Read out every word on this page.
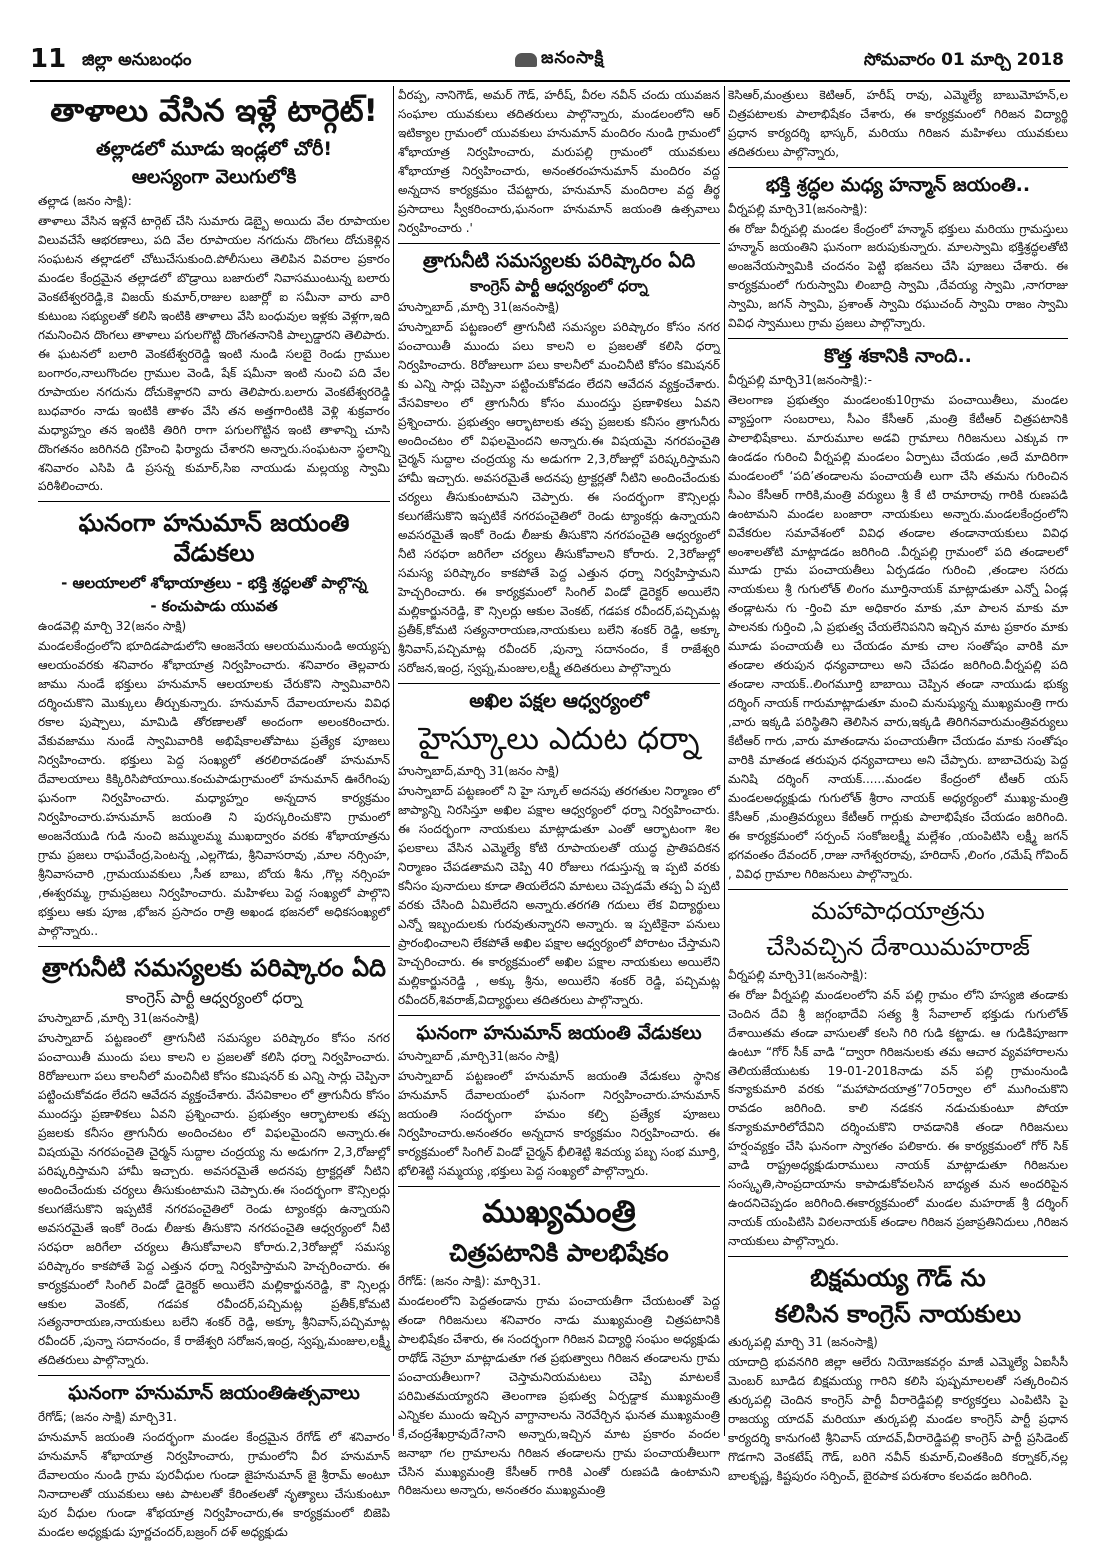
11 జిల్లా అనుబంధం	జనంసాక్షి	సోమవారం 01 మార్చి 2018
తాళాలు వేసిన ఇళ్లే టార్గెట్!
తల్లాడలో మూడు ఇండ్లలో చోరీ!
ఆలస్యంగా వెలుగులోకి
తల్లాడ (జనం సాక్షి):

తాళాలు వేసిన ఇళ్లనే టార్గెట్ చేసి సుమారు డెబ్బై అయిదు వేల రూపాయల విలువచేసే ఆభరణాలు, పది వేల రూపాయల నగదును దొంగలు దోచుకెళ్లిన సంఘటన తల్లాడలో చోటుచేసుకుంది.పోలీసులు తెలిపిన వివరాల ప్రకారం మండల కేంద్రమైన తల్లాడలో బొడ్రాయి బజారులో నివాసముంటున్న బలారు వెంకటేశ్వరరెడ్డి,కె విజయ్ కుమార్,రాజుల బజార్లో ఐ సమీనా వారు వారి కుటుంబ సభ్యులతో కలిసి ఇంటికి తాళాలు వేసి బంధువుల ఇళ్లకు వెళ్లగా,ఇది గమనించిన దొంగలు తాళాలు పగులగొట్టి దొంగతనానికి పాల్పడ్డారని తెలిపారు. ఈ ఘటనలో బలారి వెంకటేశ్వరరెడ్డి ఇంటి నుండి సలబై రెండు గ్రాముల బంగారం,నాలుగొందల గ్రాముల వెండి, షేక్ షమీనా ఇంటి నుంచి పది వేల రూపాయల నగదును దోచుకెళ్లారని వారు తెలిపారు.బలారు వెంకటేశ్వరరెడ్డి బుధవారం నాడు ఇంటికి తాళం వేసి తన అత్తగారింటికి వెళ్లి శుక్రవారం మధ్యాహ్నం తన ఇంటికి తిరిగి రాగా పగులగొట్టిన ఇంటి తాళాన్ని చూసి దొంగతనం జరిగినది గ్రహించి ఫిర్యాదు చేశారని అన్నారు.సంఘటనా స్థలాన్ని శనివారం ఎసిపి డి ప్రసన్న కుమార్,సిఐ నాయుడు మల్లయ్య స్వామి పరిశీలించారు.

ఘనంగా హనుమాన్ జయంతి వేడుకలు
- ఆలయాలలో శోభాయాత్రలు - భక్తి శ్రద్ధలతో పాల్గొన్న
- కంచుపాడు యువత
ఉండవెల్లి మార్చి 32(జనం సాక్షి)

మండలకేంద్రంలోని భూదిడపాడులోని ఆంజనేయ ఆలయమునుండి అయ్యప్ప ఆలయంవరకు శనివారం శోభాయాత్ర నిర్వహించారు. శనివారం తెల్లవారు జాము నుండే భక్తులు హనుమాన్ ఆలయాలకు చేరుకొని స్వామివారిని దర్శించుకొని మొక్కులు తీర్చుకున్నారు. హనుమాన్ దేవాలయాలను వివిధ రకాల పుష్పాలు, మామిడి తోరణాలతో అందంగా అలంకరించారు. వేకువజాము నుండే స్వామివారికి అభిషేకాలతోపాటు ప్రత్యేక పూజలు నిర్వహించారు. భక్తులు పెద్ద సంఖ్యలో తరలిరావడంతో హనుమాన్ దేవాలయాలు కిక్కిరిసిపోయాయి.కంచుపాడుగ్రామంలో హనుమాన్ ఊరేగింపు ఘనంగా నిర్వహించారు. మధ్యాహ్నం అన్నదాన కార్యక్రమం నిర్వహించారు.హనుమాన్ జయంతి ని పురస్కరించుకొని గ్రామంలో అంజనేయుడి గుడి నుంచి జమ్ములమ్మ ముఖద్వారం వరకు శోభాయాత్రను గ్రామ ప్రజలు రాఘవేంద్ర,పెంటన్న ,ఎల్లగౌడు, శ్రీనివాసరావు ,మాల నర్సింహ, శ్రీనివాసచారి ,గ్రామయువకులు ,సీత బాబు, బోయ శీను ,గొల్ల నర్సింహ ,ఈశ్వరమ్మ, గ్రామప్రజలు నిర్వహించారు. మహిళలు పెద్ద సంఖ్యలో పాల్గొని భక్తులు ఆకు పూజ ,భోజన ప్రసాదం రాత్రి అఖండ భజనలో అధికసంఖ్యలో పాల్గొన్నారు..

త్రాగునీటి సమస్యలకు పరిష్కారం ఏది
కాంగ్రెస్ పార్టీ ఆధ్వర్యంలో ధర్నా
హుస్నాబాద్ ,మార్చి 31(జనంసాక్షి)

హుస్నాబాద్ పట్టణంలో త్రాగునీటి సమస్యల పరిష్కారం కోసం నగర పంచాయితీ ముందు పలు కాలని ల ప్రజలతో కలిసి ధర్నా నిర్వహించారు. 8రోజులుగా పలు కాలనీలో మంచినీటి కోసం కమిషనర్ కు ఎన్ని సార్లు చెప్పినా పట్టించుకోవడం లేదని ఆవేదన వ్యక్తంచేశారు. వేసవికాలం లో త్రాగునీరు కోసం ముందస్తు ప్రణాళికలు ఏవని ప్రశ్నించారు. ప్రభుత్వం ఆర్భాటాలకు తప్ప ప్రజలకు కనీసం త్రాగునీరు అందించటం లో విఫలమైందని అన్నారు.ఈ విషయమై నగరపంచైతి చైర్మన్ సుద్దాల చంద్రయ్య ను అడుగగా 2,3,రోజుల్లో పరిష్కరిస్తామని హామీ ఇచ్చారు. అవసరమైతే అదనపు ట్రాక్టర్లతో నీటిని అందించేందుకు చర్యలు తీసుకుంటామని చెప్పారు.ఈ సందర్భంగా కౌన్సిలర్లు కలుగజేసుకొని ఇప్పటికే నగరపంచైతిలో రెండు ట్యాంకర్లు ఉన్నాయని అవసరమైతే ఇంకో రెండు లీజుకు తీసుకొని నగరపంచైతి ఆధ్వర్యంలో నీటి సరఫరా జరిగేలా చర్యలు తీసుకోవాలని కోరారు.2,3రోజుల్లో సమస్య పరిష్కారం కాకపోతే పెద్ద ఎత్తున ధర్నా నిర్వహిస్తామని హెచ్చరించారు. ఈ కార్యక్రమంలో సింగిల్ విండో డైరెక్టర్ అయిలేని మల్లికార్జునరెడ్డి, కౌ న్సిలర్లు ఆకుల వెంకట్, గడపక రవీందర్,పచ్చిమట్ల ప్రతీక్,కోమటి సత్యనారాయణ,నాయకులు బలేని శంకర్ రెడ్డి, అక్కూ శ్రీనివాస్,పచ్చిమాట్ల రవీందర్ ,పున్నా సదానందం, కే రాజేశ్వరి సరోజన,ఇంద్ర, స్వప్న,మంజుల,లక్ష్మీ తదితరులు పాల్గొన్నారు.

ఘనంగా హనుమాన్ జయంతిఉత్సవాలు
రేగోడ్; (జనం సాక్షి) మార్చి31.

హనుమాన్ జయంతి సందర్భంగా మండల కేంద్రమైన రేగోడ్ లో శనివారం హనుమాన్ శోభాయాత్ర నిర్వహించారు, గ్రామంలోని వీర హనుమాన్ దేవాలయం నుండి గ్రామ పురవీధుల గుండా జైహనుమాన్ జై శ్రీరామ్ అంటూ నినాదాలతో యువకులు ఆట పాటలతో కేరింతలతో నృత్యాలు చేసుకుంటూ పుర వీధుల గుండా శోభయాత్ర నిర్వహించారు,ఈ కార్యక్రమంలో బిజెపి మండల అధ్యక్షుడు పూర్ణచందర్,బజ్రంగ్ దళ్ అధ్యక్షుడు

వీరప్ప, నానిగౌడ్, అమర్ గౌడ్, హరీష్, వీరల నవీన్ చందు యువజన సంఘాల యువకులు తదితరులు పాల్గొన్నారు, మండలంలోని ఆర్ ఇటిక్యాల గ్రామంలో యువకులు హనుమాన్ మందిరం నుండి గ్రామంలో శోభాయాత్ర నిర్వహించారు, మరుపల్లి గ్రామంలో యువకులు శోభాయాత్ర నిర్వహించారు, అనంతరంహనుమాన్ మందిరం వద్ద అన్నదాన కార్యక్రమం చేపట్టారు, హనుమాన్ మందిరాల వద్ద తీర్థ ప్రసాదాలు స్వీకరించారు,ఘనంగా హనుమాన్ జయంతి ఉత్సవాలు నిర్వహించారు .'

త్రాగునీటి సమస్యలకు పరిష్కారం ఏది
కాంగ్రెస్ పార్టీ ఆధ్వర్యంలో ధర్నా
హుస్నాబాద్ ,మార్చి 31(జనంసాక్షి)

హుస్నాబాద్ పట్టణంలో త్రాగునీటి సమస్యల పరిష్కారం కోసం నగర పంచాయితీ ముందు పలు కాలని ల ప్రజలతో కలిసి ధర్నా నిర్వహించారు. 8రోజులుగా పలు కాలనీలో మంచినీటి కోసం కమిషనర్ కు ఎన్ని సార్లు చెప్పినా పట్టించుకోవడం లేదని ఆవేదన వ్యక్తంచేశారు. వేసవికాలం లో త్రాగునీరు కోసం ముందస్తు ప్రణాళికలు ఏవని ప్రశ్నించారు. ప్రభుత్వం ఆర్భాటాలకు తప్ప ప్రజలకు కనీసం త్రాగునీరు అందించటం లో విఫలమైందని అన్నారు.ఈ విషయమై నగరపంచైతి చైర్మన్ సుద్దాల చంద్రయ్య ను అడుగగా 2,3,రోజుల్లో పరిష్కరిస్తామని హామీ ఇచ్చారు. అవసరమైతే అదనపు ట్రాక్టర్లతో నీటిని అందించేందుకు చర్యలు తీసుకుంటామని చెప్పారు. ఈ సందర్భంగా కౌన్సిలర్లు కలుగజేసుకొని ఇప్పటికే నగరపంచైతిలో రెండు ట్యాంకర్లు ఉన్నాయని అవసరమైతే ఇంకో రెండు లీజుకు తీసుకొని నగరపంచైతి ఆధ్వర్యంలో నీటి సరఫరా జరిగేలా చర్యలు తీసుకోవాలని కోరారు. 2,3రోజుల్లో సమస్య పరిష్కారం కాకపోతే పెద్ద ఎత్తున ధర్నా నిర్వహిస్తామని హెచ్చరించారు. ఈ కార్యక్రమంలో సింగిల్ విండో డైరెక్టర్ అయిలేని మల్లికార్జునరెడ్డి, కౌ న్సిలర్లు ఆకుల వెంకట్, గడపక రవీందర్,పచ్చిమట్ల ప్రతీక్,కోమటి సత్యనారాయణ,నాయకులు బలేని శంకర్ రెడ్డి, అక్కూ శ్రీనివాస్,పచ్చిమాట్ల రవీందర్ ,పున్నా సదానందం, కే రాజేశ్వరి సరోజన,ఇంద్ర, స్వప్న,మంజుల,లక్ష్మీ తదితరులు పాల్గొన్నారు

అఖిల పక్షల ఆధ్వర్యంలో
హైస్కూలు ఎదుట ధర్నా
హుస్నాబాద్,మార్చి 31(జనం సాక్షి)

హుస్నాబాద్ పట్టణంలో ని హై స్కూల్ అదనపు తరగతుల నిర్మాణం లో జాప్యాన్ని నిరసిస్తూ అఖిల పక్షాల ఆధ్వర్యంలో ధర్నా నిర్వహించారు. ఈ సందర్భంగా నాయకులు మాట్లాడుతూ ఎంతో ఆర్భాటంగా శిల ఫలకాలు వేసిన ఎమ్మెల్యే కోటి రూపాయలతో యుద్ధ ప్రాతిపదికన నిర్మాణం చేపడతామని చెప్పి 40 రోజులు గడుస్తున్న ఇ ప్పటి వరకు కనీసం పునాదులు కూడా తియలేదని మాటలు చెప్పడమే తప్ప ఏ ప్పటి వరకు చేసింది ఏమిలేదని అన్నారు.తరగతి గదులు లేక విద్యార్థులు ఎన్నో ఇబ్బందులకు గురవుతున్నారని అన్నారు. ఇ ప్పటికైనా పనులు ప్రారంభించాలని లేకపోతే అఖిల పక్షాల ఆధ్వర్యంలో పోరాటం చేస్తామని హెచ్చరించారు. ఈ కార్యక్రమంలో అఖిల పక్షాల నాయకులు అయిలేని మల్లికార్జునరెడ్డి , అక్కు శ్రీను, అయిలేని శంకర్ రెడ్డి, పచ్చిమట్ల రవీందర్,శివరాజ్,విద్యార్థులు తదితరులు పాల్గొన్నారు.

ఘనంగా హనుమాన్ జయంతి వేడుకలు
హుస్నాబాద్ ,మార్చి31(జనం సాక్షి)

హుస్నాబాద్ పట్టణంలో హనుమాన్ జయంతి వేడుకలు స్థానిక హనుమాన్ దేవాలయంలో ఘనంగా నిర్వహించారు.హనుమాన్ జయంతి సందర్భంగా హమం కల్పి ప్రత్యేక పూజలు నిర్వహించారు.అనంతరం అన్నదాన కార్యక్రమం నిర్వహించారు. ఈ కార్యక్రమంలో సింగిల్ విండో చైర్మన్ భీలిశెట్టి శివయ్య పబ్బ సంభ మూర్తి, భోలిశెట్టి సమ్మయ్య ,భక్తులు పెద్ద సంఖ్యలో పాల్గొన్నారు.

ముఖ్యమంత్రి
చిత్రపటానికి పాలభిషేకం
రేగోడ్: (జనం సాక్షి): మార్చి31.

మండలంలోని పెద్దతండాను గ్రామ పంచాయతీగా చేయటంతో పెద్ద తండా గిరిజనులు శనివారం నాడు ముఖ్యమంత్రి చిత్రపటానికి పాలభిషేకం చేశారు, ఈ సందర్భంగా గిరిజన విద్యార్థి సంఘం అధ్యక్షుడు రాథోడ్ నెహ్రూ మాట్లాడుతూ గత ప్రభుత్వాలు గిరిజన తండాలను గ్రామ పంచాయతీలుగా? చెస్తామనియమటలు చెప్పి మాటలకే పరిమితమయ్యారని తెలంగాణ ప్రభుత్వ ఏర్పడ్డాక ముఖ్యమంత్రి ఎన్నికల ముందు ఇచ్చిన వాగ్దానాలను నెరవేర్చిన ఘనత ముఖ్యమంత్రి కే,చంద్రశేఖర్రావుదే?నాని అన్నారు,ఇచ్చిన మాట ప్రకారం వందల జనాభా గల గ్రామాలను గిరిజన తండాలను గ్రామ పంచాయతీలుగా చేసిన ముఖ్యమంత్రి కేసీఆర్ గారికి ఎంతో రుణపడి ఉంటామని గిరిజనులు అన్నారు, అనంతరం ముఖ్యమంత్రి

కెసిఆర్,మంత్రులు కెటిఆర్, హరీష్ రావు, ఎమ్మెల్యే బాబుమోహన్,ల చిత్రపటాలకు పాలాభిషేకం చేశారు, ఈ కార్యక్రమంలో గిరిజన విద్యార్థి ప్రధాన కార్యదర్శి భాస్కర్, మరియు గిరిజన మహిళలు యువకులు తదితరులు పాల్గొన్నారు,

భక్తి శ్రద్ధల మధ్య హన్మాన్ జయంతి..
వీర్నపల్లి మార్చి31(జనంసాక్షి):

ఈ రోజు వీర్నపల్లి మండల కేంద్రంలో హన్మాన్ భక్తులు మరియు గ్రామస్తులు హన్మాన్ జయంతిని ఘనంగా జరుపుకున్నారు. మాలస్వామి భక్తిశ్రద్ధలతోటి అంజనేయస్వామికి చందనం పెట్టి భజనలు చేసి పూజలు చేశారు. ఈ కార్యక్రమంలో గురుస్వామి లింబాద్రి స్వామి ,దేవయ్య స్వామి ,నాగరాజు స్వామి, జగన్ స్వామి, ప్రశాంత్ స్వామి రఘుచంద్ స్వామి రాజం స్వామి వివిధ స్వాములు గ్రామ ప్రజలు పాల్గొన్నారు.

కొత్త శకానికి నాంది..
వీర్నపల్లి మార్చి31(జనంసాక్షి):-

తెలంగాణ ప్రభుత్వం మండలంకు10గ్రామ పంచాయితీలు, మండల వ్యాప్తంగా సంబరాలు, సీఎం కేసీఆర్ ,మంత్రి కేటీఆర్ చిత్రపటానికి పాలాభిషేకాలు. మారుమూల అడవి గ్రామాలు గిరిజనులు ఎక్కువ గా ఉండడం గురించి వీర్నపల్లి మండలం ఏర్పాటు చేయడం ,అదే మాదిరిగా మండలంలో ‘పది’తండాలను పంచాయతీ లుగా చేసి తమను గురించిన సీఎం కేసీఆర్ గారికి,మంత్రి వర్యులు శ్రీ కే టి రామారావు గారికి రుణపడి ఉంటామని మండల బంజారా నాయకులు అన్నారు.మండలకేంద్రంలోని వివేకరుల సమావేశంలో వివిధ తండాల తండానాయకులు వివిధ అంశాలతోటి మాట్లాడడం జరిగింది .వీర్నపల్లి గ్రామంలో పది తండాలలో మూడు గ్రామ పంచాయతీలు ఏర్పడడం గురించి ,తండాల సరదు నాయకులు శ్రీ గుగులోత్ లింగం మూర్తినాయక్ మాట్లాడుతూ ఎన్నో ఏండ్ల తండ్లాటను గు -ర్తించి మా అధికారం మాకు ,మా పాలన మాకు మా పాలనకు గుర్తించి ,ఏ ప్రభుత్వ చేయలేనిపనిని ఇచ్చిన మాట ప్రకారం మాకు మూడు పంచాయతీ లు చేయడం మాకు చాల సంతోషం వారికి మా తండాల తరుపున ధన్యవాదాలు అని చేపడం జరిగింది.వీర్నపల్లి పది తండాల నాయక్..లింగమూర్తి బాబాయి చెప్పిన తండా నాయుడు భుక్య దర్శింగ్ నాయక్ గారుమాట్లాడుతూ మంచి మనుష్యున్న ముఖ్యమంత్రి గారు ,వారు ఇక్కడి పరిస్థితిని తెలిసిన వారు,ఇక్కడి తిరిగినవారుమంత్రివర్యులు కేటీఆర్ గారు ,వారు మాతండాను పంచాయతీగా చేయడం మాకు సంతోషం వారికి మాతండ తరుపున ధన్యవాదాలు అని చేప్పారు. బాబాచెరుపు పెద్ద మనిషి దర్శింగ్ నాయక్......మండల కేంద్రంలో టీఆర్ యస్ మండలఅధ్యక్షుడు గుగులోత్ శ్రీరాం నాయక్ అధ్యర్యంలో ముఖ్య-మంత్రి కేసీఆర్ ,మంత్రివర్యులు కేటీఆర్ గార్లుకు పాలాభిషేకం చేయడం జరిగింది. ఈ కార్యక్రమంలో సర్పంచ్ సంకోజలక్ష్మీ మల్లేశం ,యంపిటిసి లక్ష్మీ జగన్ భగవంతం దేవందర్ ,రాజు నాగేశ్వరరావు, హరిదాస్ ,లింగం ,రమేష్ గోవింద్ , వివిధ గ్రామాల గిరిజనులు పాల్గొన్నారు.

మహాపాధయాత్రను
చేసివచ్చిన దేశాయిమహరాజ్
వీర్నపల్లి మార్చి31(జనంసాక్షి):

ఈ రోజు వీర్నపల్లి మండలంలోని వన్ పల్లి గ్రామం లోని హస్యజి తండాకు చెందిన దేవి శ్రీ జగ్గంభాదేవి సత్య శ్రీ సేవాలాల్ భక్తుడు గుగులోత్ దేశాయితమ తండా వాసులతో కలసి గిరి గుడి కట్టాడు. ఆ గుడికిపూజగా ఉంటూ “గోర్ సీక్ వాడి “ద్వారా గిరిజనులకు తమ ఆచార వ్యవహారాలను తెలియజేయుటకు 19-01-2018నాడు వన్ పల్లి గ్రామంనుండి కన్యాకుమారి వరకు “మహాపాదయాత్ర”7౦5ర్వాల లో ముగించుకొని రావడం జరిగింది. కాలి నడకన నడుచుకుంటూ పోయా కన్యాకుమారిలోదేవిని దర్శించుకొని రావడానికి తండా గిరిజనులు హర్షంవ్యక్తం చేసి ఘనంగా స్వాగతం పలికారు. ఈ కార్యక్రమంలో గోర్ సిక్ వాడి రాష్ట్రఅధ్యక్షుడురాములు నాయక్ మాట్లాడుతూ గిరిజనుల సంస్కృతి,సాంప్రదాయాను కాపాడుకోవలసిన బాధ్యత మన అందరిపైన ఉందనిచెప్పడం జరిగింది.ఈకార్యక్రమంలో మండల మహరాజ్ శ్రీ దర్శింగ్ నాయక్ యంపిటిసి విఠలనాయక్ తండాల గిరిజన ప్రజాప్రతినిదులు ,గిరిజన నాయకులు పాల్గొన్నారు.

బిక్షమయ్య గౌడ్ ను
కలిసిన కాంగ్రెస్ నాయకులు
తుర్కపల్లి మార్చి 31 (జనంసాక్షి)

యాదాద్రి భువనగిరి జిల్లా ఆలేరు నియోజకవర్గం మాజీ ఎమ్మెల్యే ఏఐసీసీ మెంబర్ బూడిద బిక్షమయ్య గారిని కలిసి పుష్పమాలలతో సత్కరించిన తుర్కపల్లి చెందిన కాంగ్రెస్ పార్టీ వీరారెడ్డిపల్లి కార్యకర్తలు ఎంపిటిసి పై రాజయ్య యాదవ్ మరియూ తుర్కపల్లి మండల కాంగ్రెస్ పార్టీ ప్రధాన కార్యదర్శి కానుగంటి శ్రీనివాస్ యాదవ్,వీరారెడ్డిపల్లి కాంగ్రెస్ పార్టీ ప్రసిడెంట్ గొడగాని వెంకటేష్ గౌడ్, బరిగె నవీన్ కుమార్,చింతకింది కర్నాకర్,నల్ల బాలకృష్ణ, కిష్టపురం సర్పించ్, బైరపాక పరుశరాం కలవడం జరిగింది.
